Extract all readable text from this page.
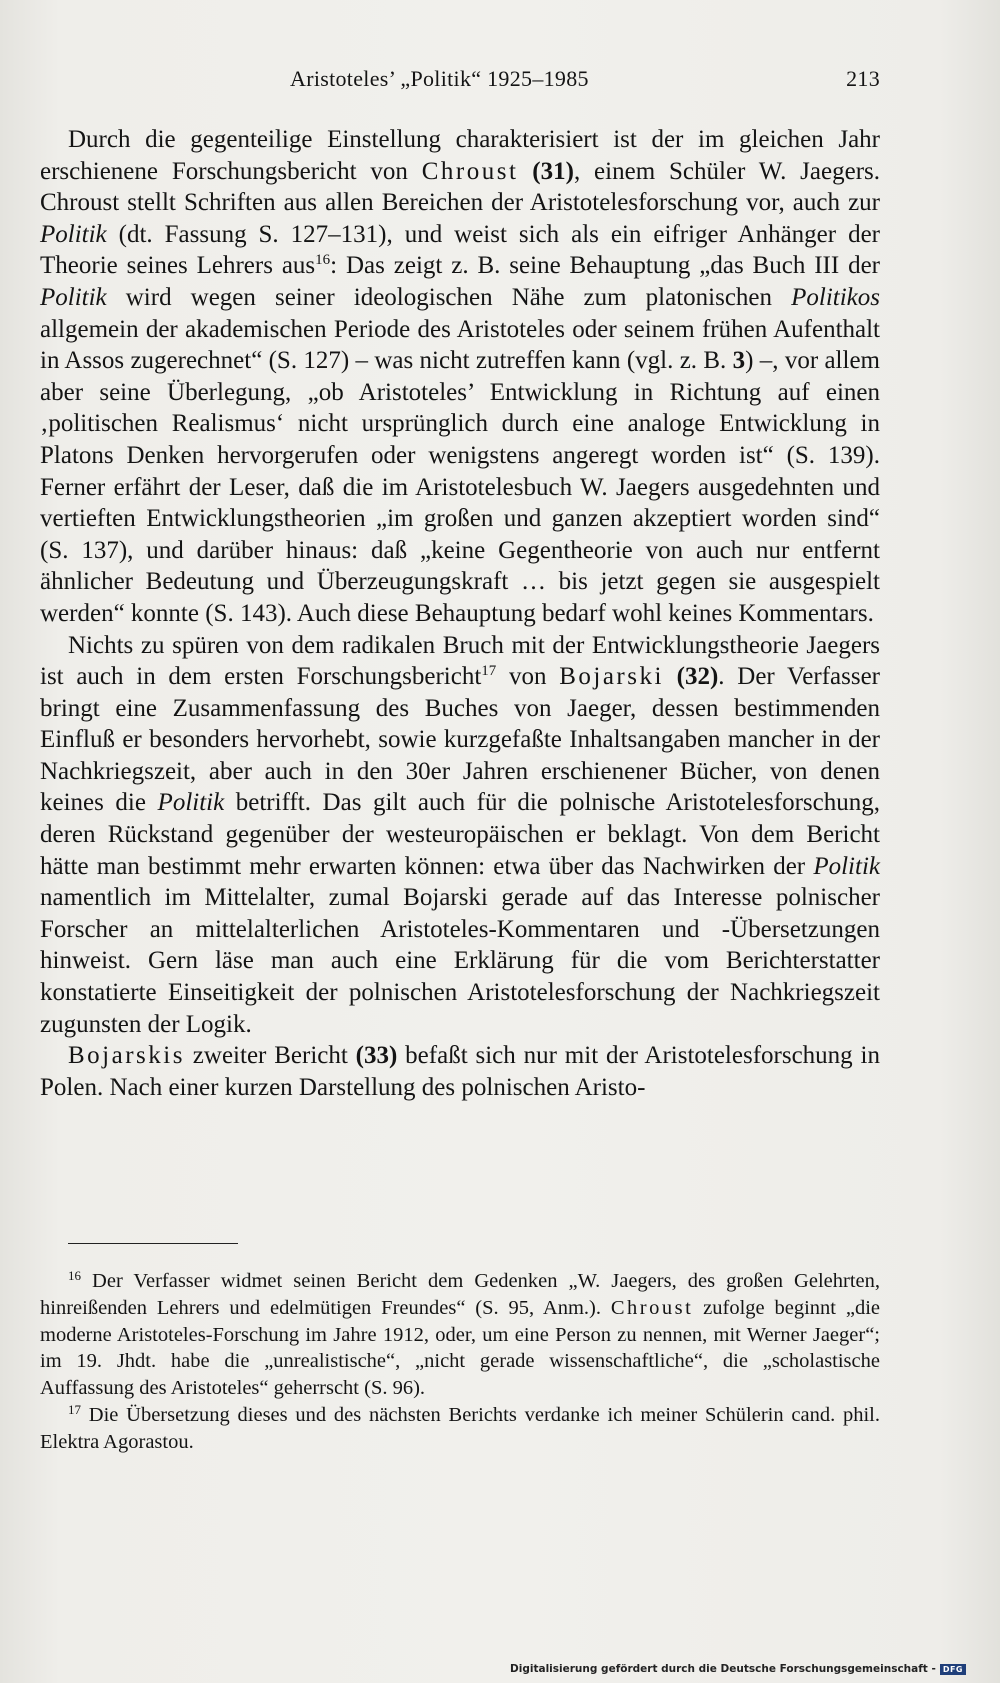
Aristoteles’ „Politik“ 1925–1985	213

Durch die gegenteilige Einstellung charakterisiert ist der im gleichen Jahr erschienene Forschungsbericht von Chroust (31), einem Schüler W. Jaegers. Chroust stellt Schriften aus allen Bereichen der Aristotelesforschung vor, auch zur Politik (dt. Fassung S. 127–131), und weist sich als ein eifriger Anhänger der Theorie seines Lehrers aus$^{16}$: Das zeigt z. B. seine Behauptung „das Buch III der Politik wird wegen seiner ideologischen Nähe zum platonischen Politikos allgemein der akademischen Periode des Aristoteles oder seinem frühen Aufenthalt in Assos zugerechnet“ (S. 127) – was nicht zutreffen kann (vgl. z. B. 3) –, vor allem aber seine Überlegung, „ob Aristoteles’ Entwicklung in Richtung auf einen ‚politischen Realismus‘ nicht ursprünglich durch eine analoge Entwicklung in Platons Denken hervorgerufen oder wenigstens angeregt worden ist“ (S. 139). Ferner erfährt der Leser, daß die im Aristotelesbuch W. Jaegers ausgedehnten und vertieften Entwicklungstheorien „im großen und ganzen akzeptiert worden sind“ (S. 137), und darüber hinaus: daß „keine Gegentheorie von auch nur entfernt ähnlicher Bedeutung und Überzeugungskraft … bis jetzt gegen sie ausgespielt werden“ konnte (S. 143). Auch diese Behauptung bedarf wohl keines Kommentars.

Nichts zu spüren von dem radikalen Bruch mit der Entwicklungstheorie Jaegers ist auch in dem ersten Forschungsbericht$^{17}$ von Bojarski (32). Der Verfasser bringt eine Zusammenfassung des Buches von Jaeger, dessen bestimmenden Einfluß er besonders hervorhebt, sowie kurzgefaßte Inhaltsangaben mancher in der Nachkriegszeit, aber auch in den 30er Jahren erschienener Bücher, von denen keines die Politik betrifft. Das gilt auch für die polnische Aristotelesforschung, deren Rückstand gegenüber der westeuropäischen er beklagt. Von dem Bericht hätte man bestimmt mehr erwarten können: etwa über das Nachwirken der Politik namentlich im Mittelalter, zumal Bojarski gerade auf das Interesse polnischer Forscher an mittelalterlichen Aristoteles-Kommentaren und -Übersetzungen hinweist. Gern läse man auch eine Erklärung für die vom Berichterstatter konstatierte Einseitigkeit der polnischen Aristotelesforschung der Nachkriegszeit zugunsten der Logik.

Bojarskis zweiter Bericht (33) befaßt sich nur mit der Aristotelesforschung in Polen. Nach einer kurzen Darstellung des polnischen Aristo-

$^{16}$ Der Verfasser widmet seinen Bericht dem Gedenken „W. Jaegers, des großen Gelehrten, hinreißenden Lehrers und edelmütigen Freundes“ (S. 95, Anm.). Chroust zufolge beginnt „die moderne Aristoteles-Forschung im Jahre 1912, oder, um eine Person zu nennen, mit Werner Jaeger“; im 19. Jhdt. habe die „unrealistische“, „nicht gerade wissenschaftliche“, die „scholastische Auffassung des Aristoteles“ geherrscht (S. 96).

$^{17}$ Die Übersetzung dieses und des nächsten Berichts verdanke ich meiner Schülerin cand. phil. Elektra Agorastou.

Digitalisierung gefördert durch die Deutsche Forschungsgemeinschaft - DFG
